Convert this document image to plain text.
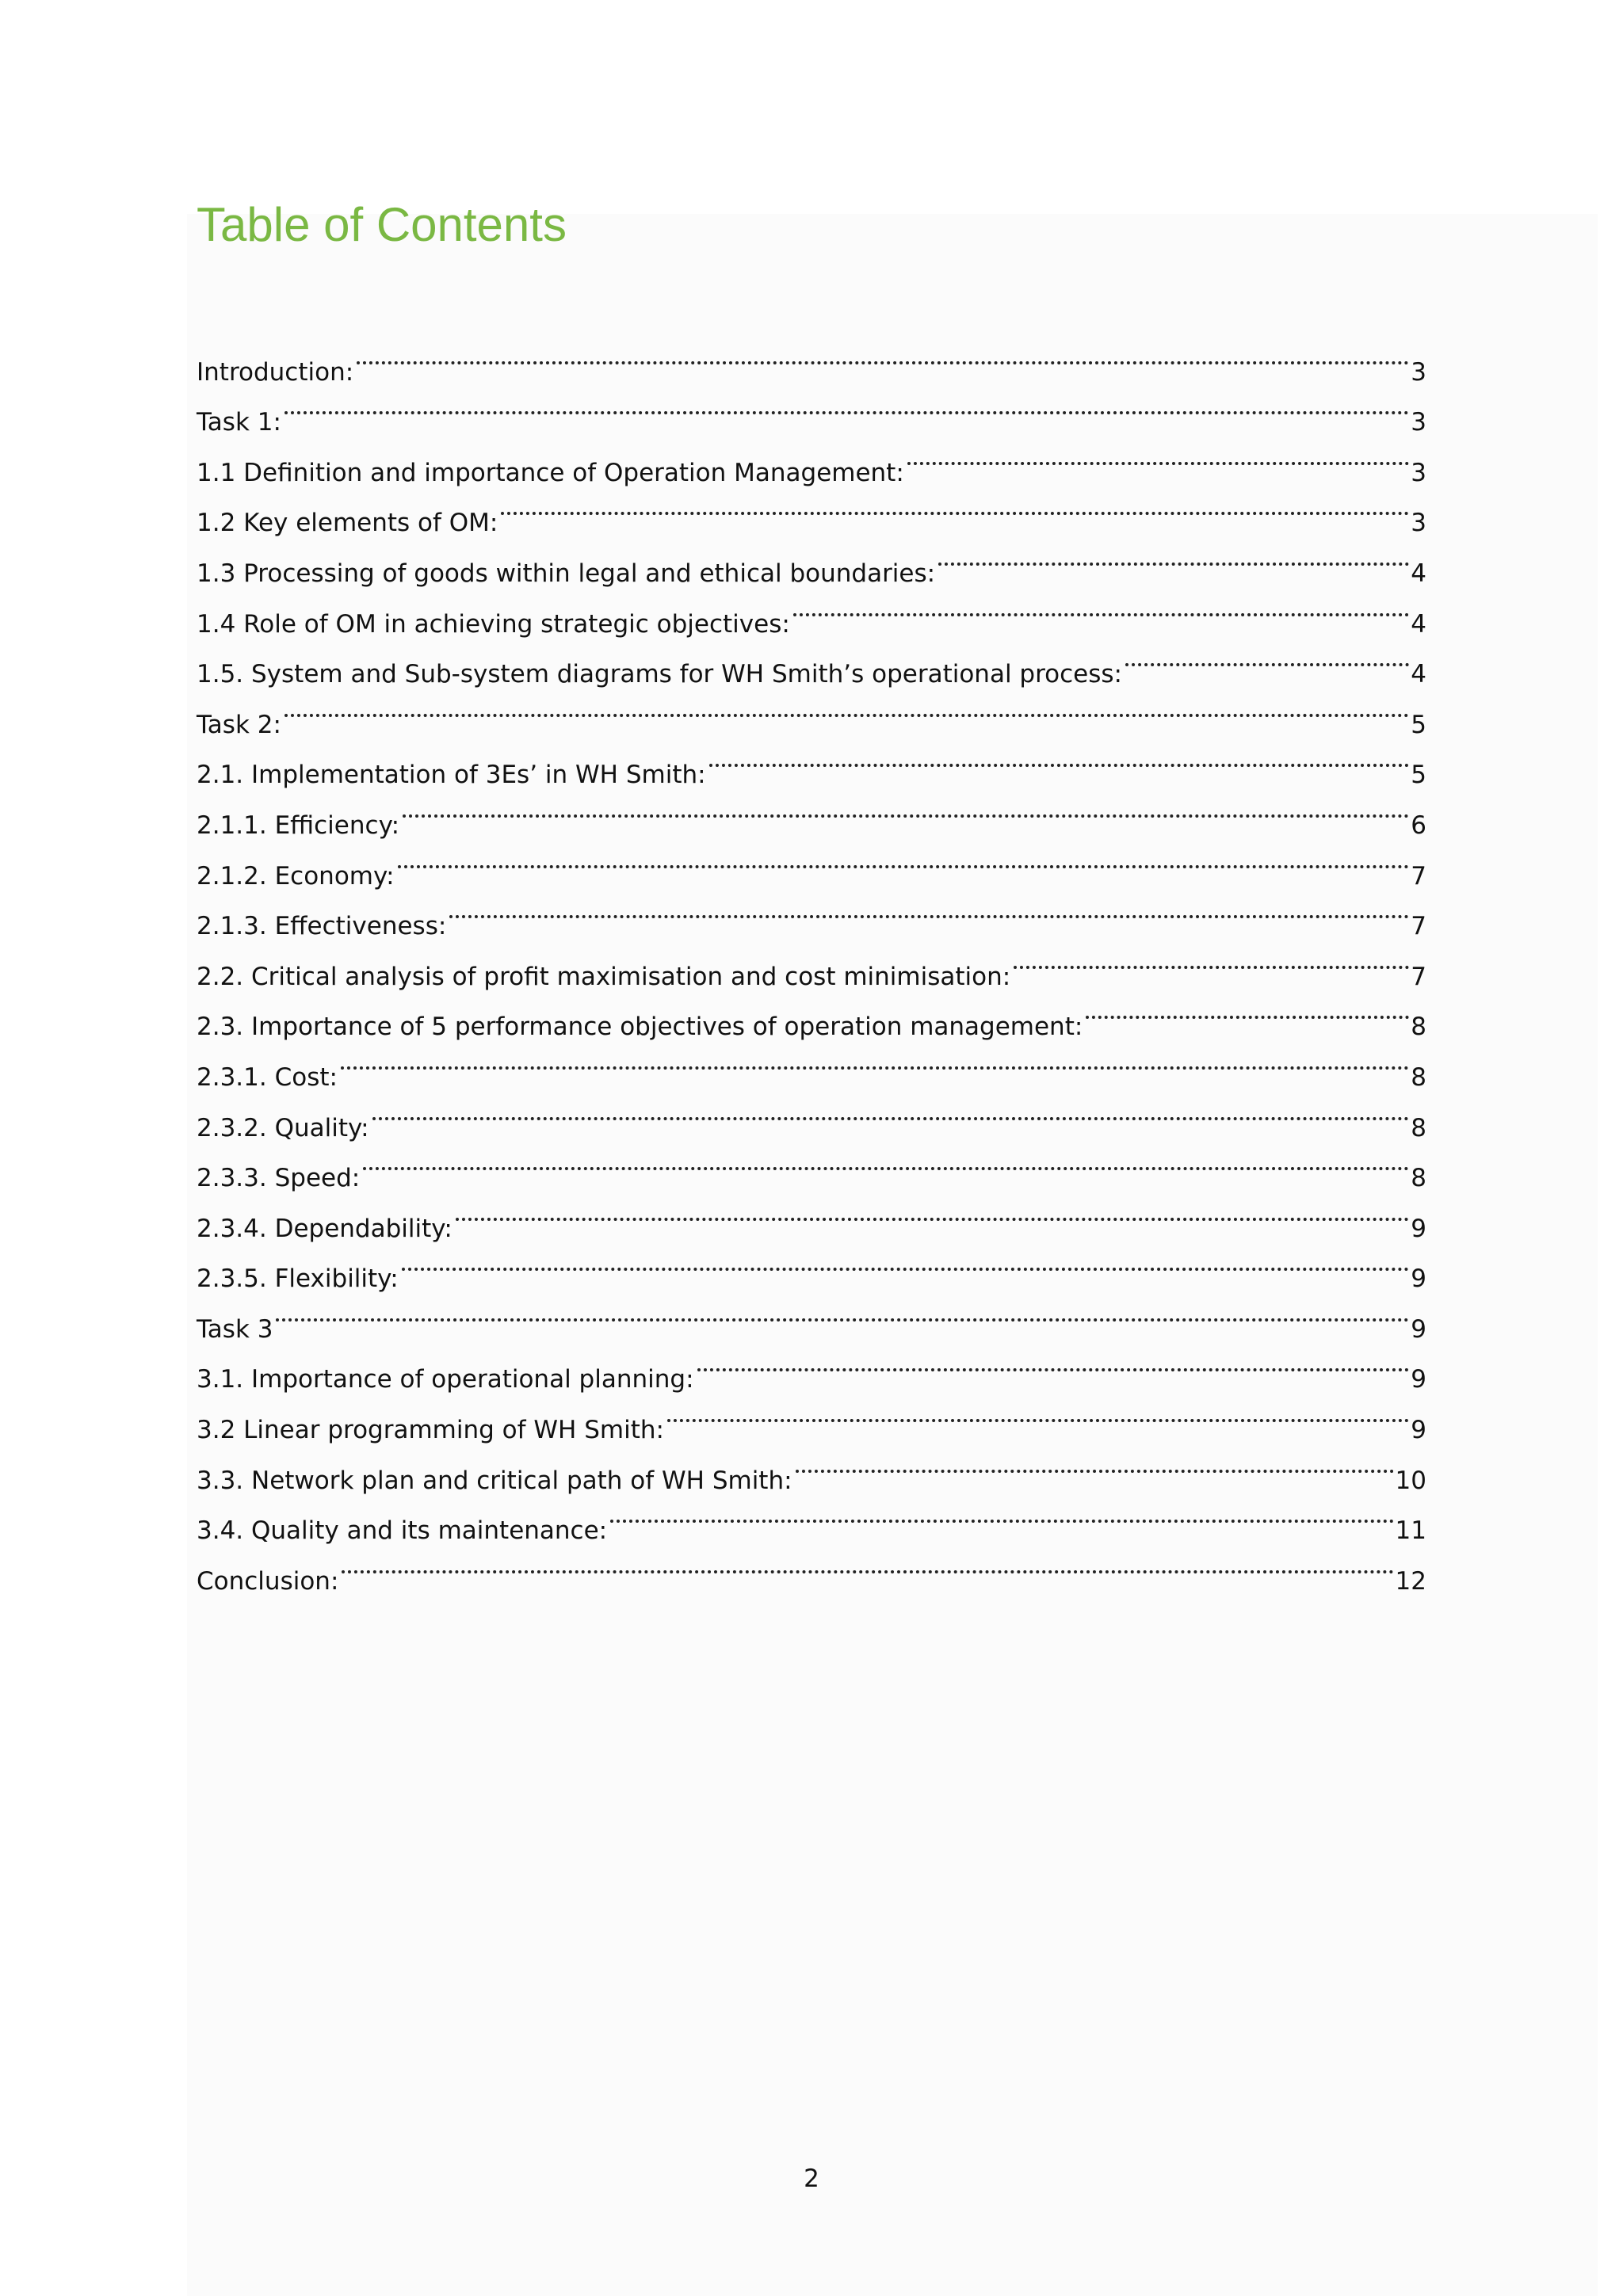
Table of Contents
Introduction:	3
Task 1:	3
1.1 Definition and importance of Operation Management:	3
1.2 Key elements of OM:	3
1.3 Processing of goods within legal and ethical boundaries:	4
1.4 Role of OM in achieving strategic objectives:	4
1.5. System and Sub-system diagrams for WH Smith’s operational process:	4
Task 2:	5
2.1. Implementation of 3Es’ in WH Smith:	5
2.1.1. Efficiency:	6
2.1.2. Economy:	7
2.1.3. Effectiveness:	7
2.2. Critical analysis of profit maximisation and cost minimisation:	7
2.3. Importance of 5 performance objectives of operation management:	8
2.3.1. Cost:	8
2.3.2. Quality:	8
2.3.3. Speed:	8
2.3.4. Dependability:	9
2.3.5. Flexibility:	9
Task 3	9
3.1. Importance of operational planning:	9
3.2 Linear programming of WH Smith:	9
3.3. Network plan and critical path of WH Smith:	10
3.4. Quality and its maintenance:	11
Conclusion:	12
2
